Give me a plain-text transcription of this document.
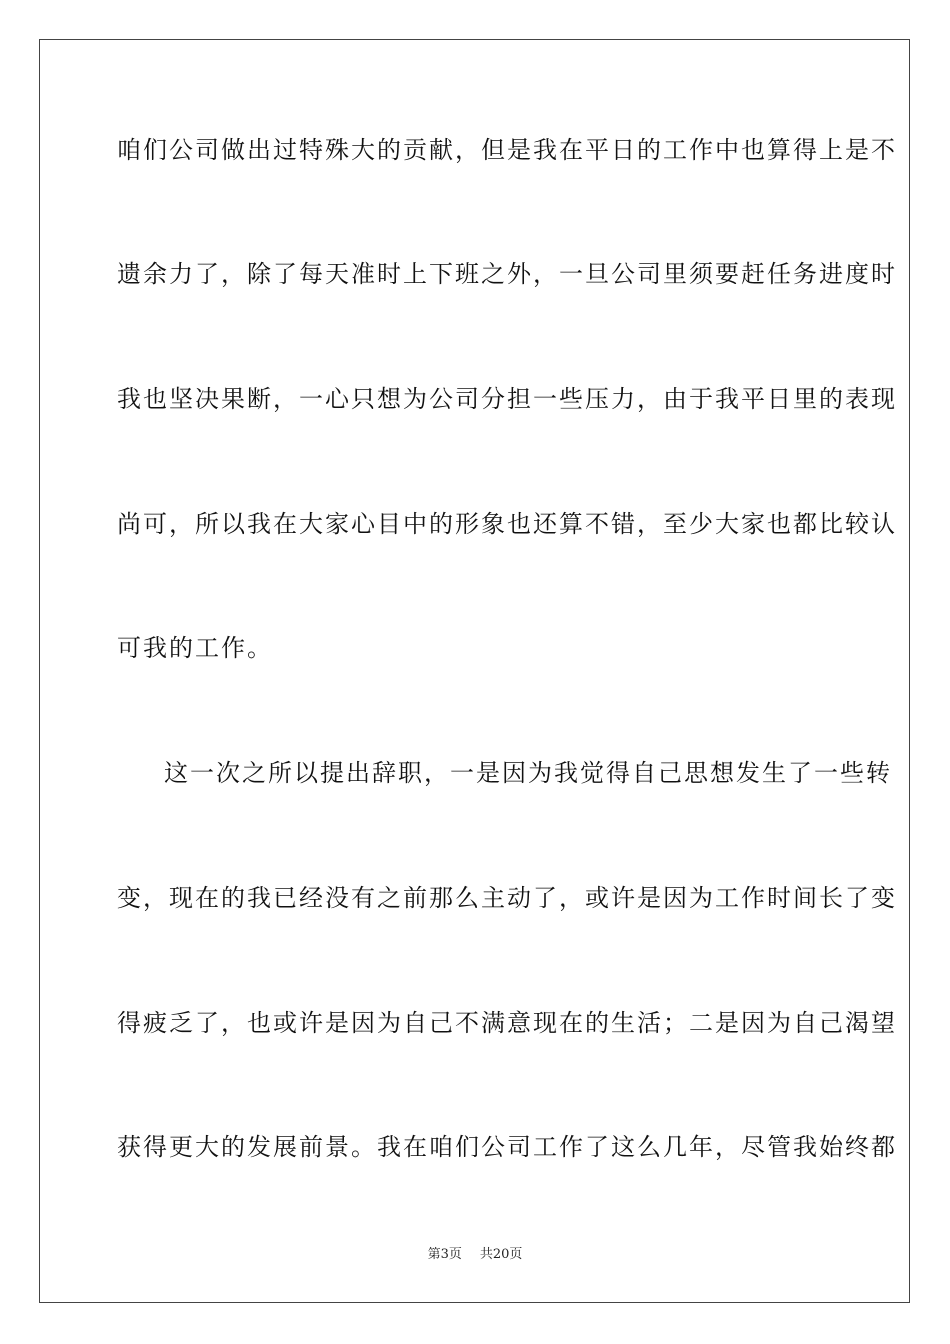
咱们公司做出过特殊大的贡献，但是我在平日的工作中也算得上是不
遗余力了，除了每天准时上下班之外，一旦公司里须要赶任务进度时
我也坚决果断，一心只想为公司分担一些压力，由于我平日里的表现
尚可，所以我在大家心目中的形象也还算不错，至少大家也都比较认
可我的工作。
这一次之所以提出辞职，一是因为我觉得自己思想发生了一些转
变，现在的我已经没有之前那么主动了，或许是因为工作时间长了变
得疲乏了，也或许是因为自己不满意现在的生活；二是因为自己渴望
获得更大的发展前景。我在咱们公司工作了这么几年，尽管我始终都
第3页 共20页
